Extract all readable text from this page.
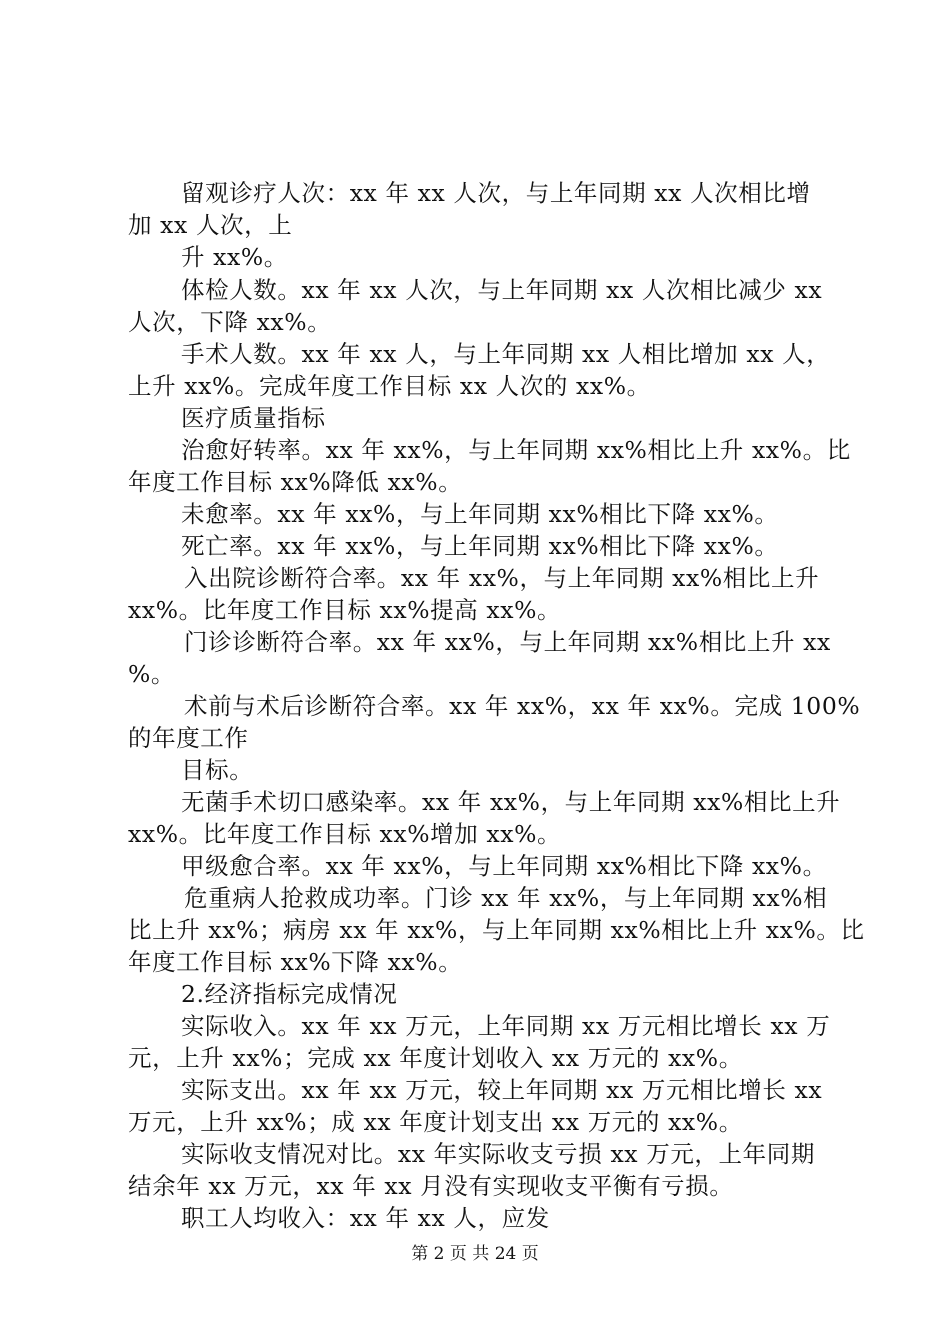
留观诊疗人次：xx 年 xx 人次，与上年同期 xx 人次相比增
加 xx 人次，上
升 xx%。
体检人数。xx 年 xx 人次，与上年同期 xx 人次相比减少 xx
人次，下降 xx%。
手术人数。xx 年 xx 人，与上年同期 xx 人相比增加 xx 人，
上升 xx%。完成年度工作目标 xx 人次的 xx%。
医疗质量指标
治愈好转率。xx 年 xx%，与上年同期 xx%相比上升 xx%。比
年度工作目标 xx%降低 xx%。
未愈率。xx 年 xx%，与上年同期 xx%相比下降 xx%。
死亡率。xx 年 xx%，与上年同期 xx%相比下降 xx%。
入出院诊断符合率。xx 年 xx%，与上年同期 xx%相比上升
xx%。比年度工作目标 xx%提高 xx%。
门诊诊断符合率。xx 年 xx%，与上年同期 xx%相比上升 xx
%。
术前与术后诊断符合率。xx 年 xx%，xx 年 xx%。完成 100%
的年度工作
目标。
无菌手术切口感染率。xx 年 xx%，与上年同期 xx%相比上升
xx%。比年度工作目标 xx%增加 xx%。
甲级愈合率。xx 年 xx%，与上年同期 xx%相比下降 xx%。
危重病人抢救成功率。门诊 xx 年 xx%，与上年同期 xx%相
比上升 xx%；病房 xx 年 xx%，与上年同期 xx%相比上升 xx%。比
年度工作目标 xx%下降 xx%。
2.经济指标完成情况
实际收入。xx 年 xx 万元，上年同期 xx 万元相比增长 xx 万
元，上升 xx%；完成 xx 年度计划收入 xx 万元的 xx%。
实际支出。xx 年 xx 万元，较上年同期 xx 万元相比增长 xx
万元，上升 xx%；成 xx 年度计划支出 xx 万元的 xx%。
实际收支情况对比。xx 年实际收支亏损 xx 万元，上年同期
结余年 xx 万元，xx 年 xx 月没有实现收支平衡有亏损。
职工人均收入：xx 年 xx 人，应发
第 2 页 共 24 页
